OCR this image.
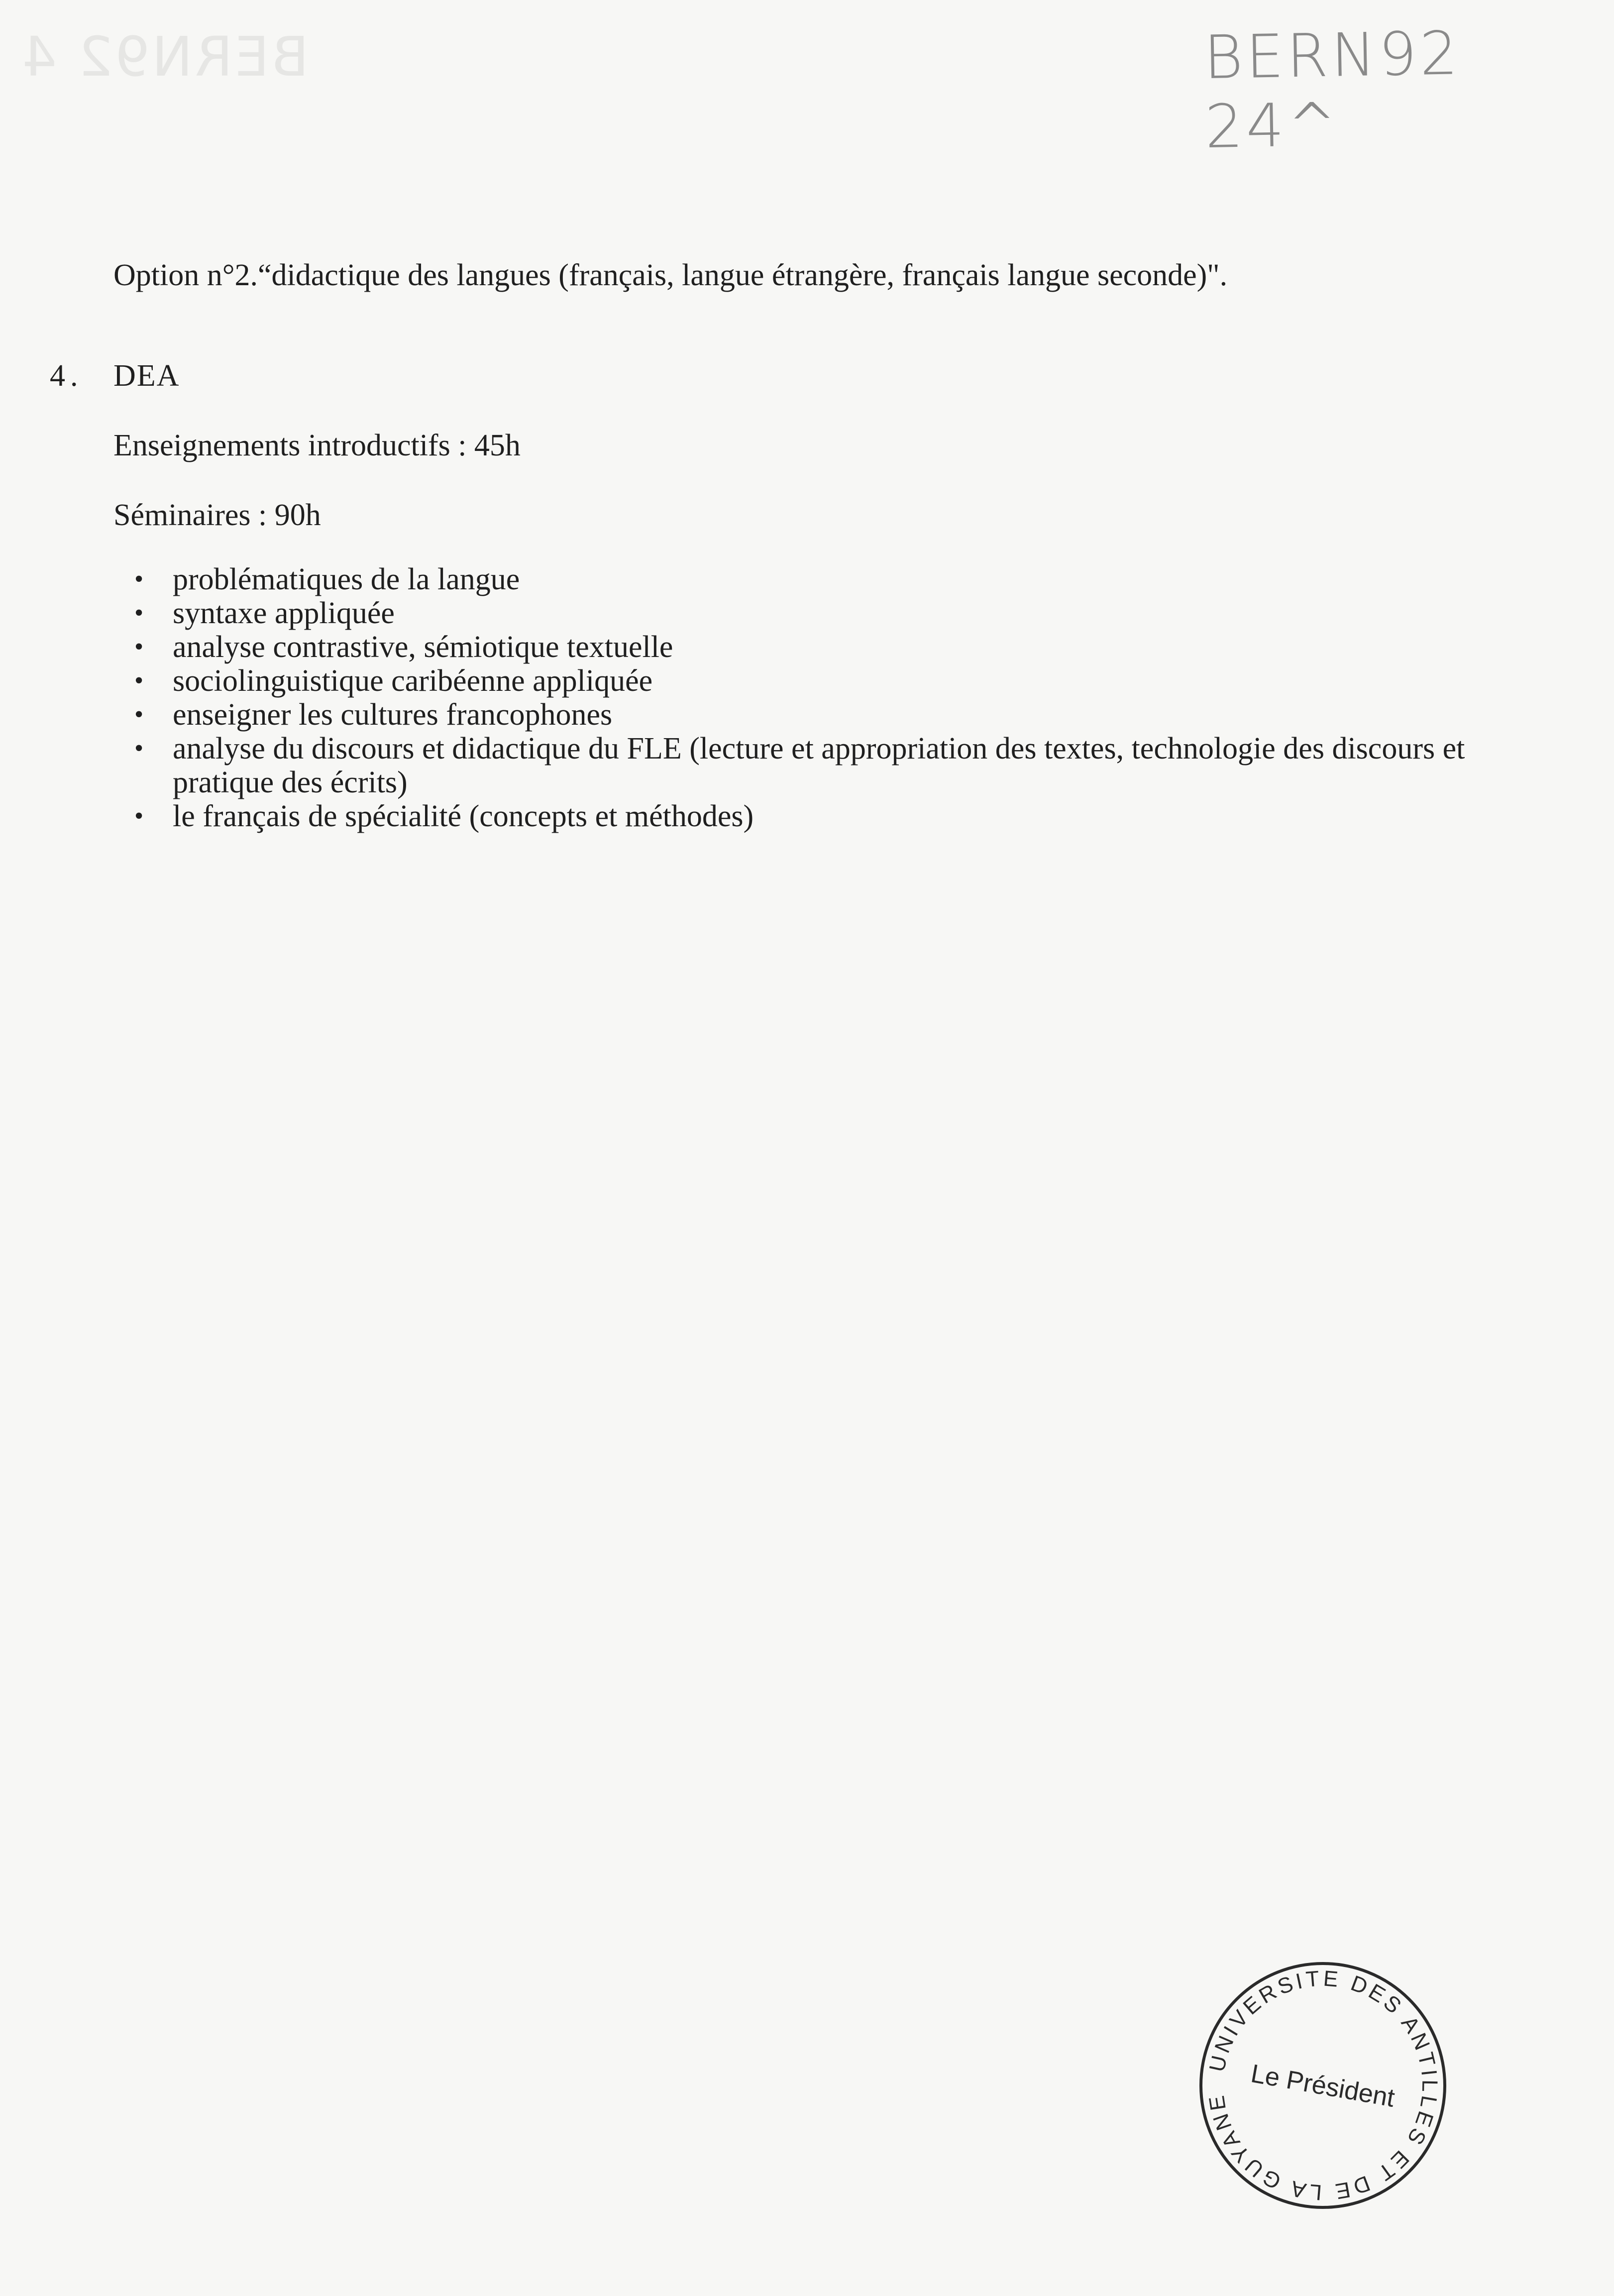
BERN92 4	BERN92 24^
Option n°2.“didactique des langues (français, langue étrangère, français langue seconde)".
4. DEA
Enseignements introductifs : 45h
Séminaires : 90h
• problématiques de la langue
• syntaxe appliquée
• analyse contrastive, sémiotique textuelle
• sociolinguistique caribéenne appliquée
• enseigner les cultures francophones
• analyse du discours et didactique du FLE (lecture et appropriation des textes, technologie des discours et pratique des écrits)
• le français de spécialité (concepts et méthodes)
UNIVERSITE DES ANTILLES ET DE LA GUYANE Le Président
